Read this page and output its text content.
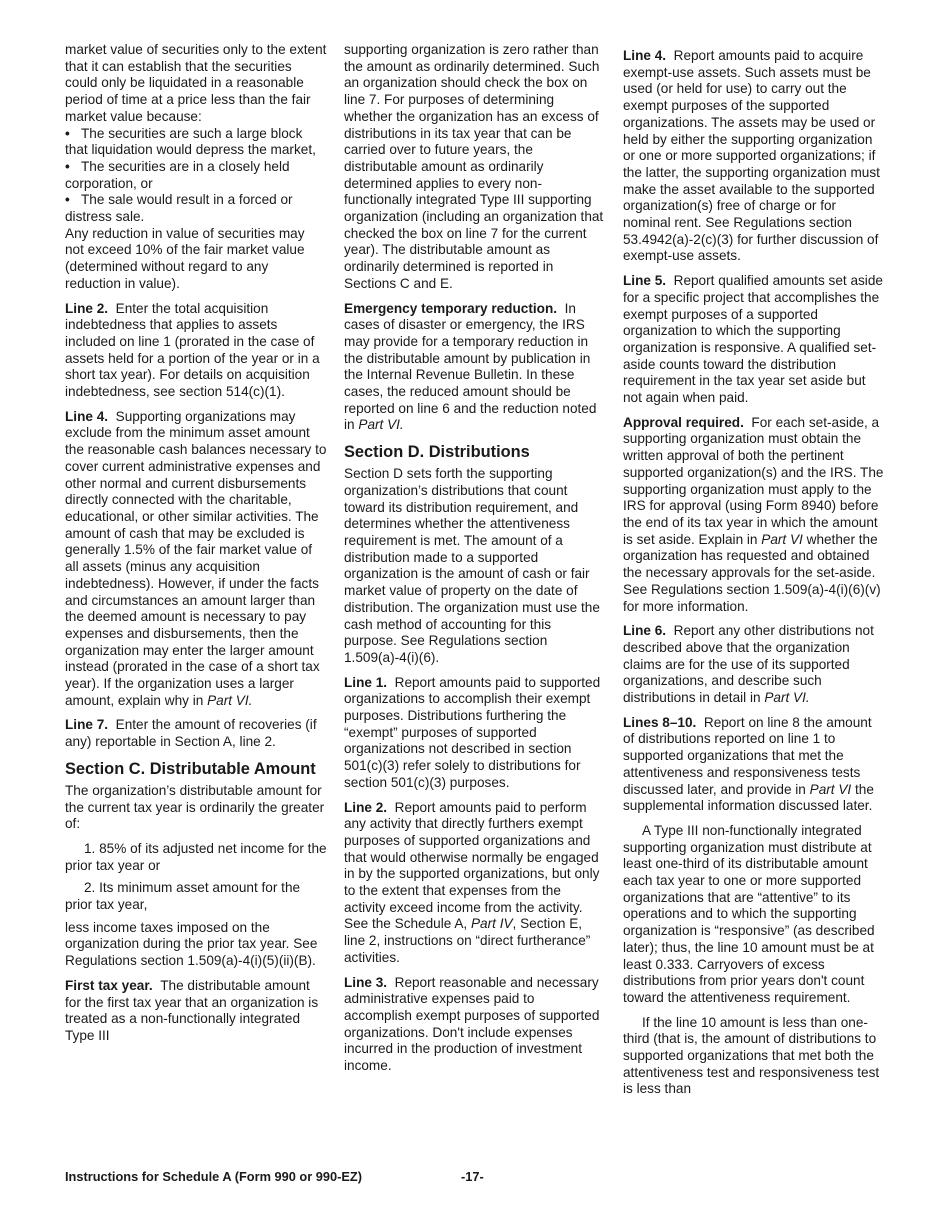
market value of securities only to the extent that it can establish that the securities could only be liquidated in a reasonable period of time at a price less than the fair market value because:

• The securities are such a large block that liquidation would depress the market,

• The securities are in a closely held corporation, or

• The sale would result in a forced or distress sale.

Any reduction in value of securities may not exceed 10% of the fair market value (determined without regard to any reduction in value).

Line 2. Enter the total acquisition indebtedness that applies to assets included on line 1 (prorated in the case of assets held for a portion of the year or in a short tax year). For details on acquisition indebtedness, see section 514(c)(1).

Line 4. Supporting organizations may exclude from the minimum asset amount the reasonable cash balances necessary to cover current administrative expenses and other normal and current disbursements directly connected with the charitable, educational, or other similar activities. The amount of cash that may be excluded is generally 1.5% of the fair market value of all assets (minus any acquisition indebtedness). However, if under the facts and circumstances an amount larger than the deemed amount is necessary to pay expenses and disbursements, then the organization may enter the larger amount instead (prorated in the case of a short tax year). If the organization uses a larger amount, explain why in Part VI.

Line 7. Enter the amount of recoveries (if any) reportable in Section A, line 2.

Section C. Distributable Amount

The organization’s distributable amount for the current tax year is ordinarily the greater of:

1. 85% of its adjusted net income for the prior tax year or

2. Its minimum asset amount for the prior tax year,

less income taxes imposed on the organization during the prior tax year. See Regulations section 1.509(a)-4(i)(5)(ii)(B).

First tax year. The distributable amount for the first tax year that an organization is treated as a non-functionally integrated Type III

supporting organization is zero rather than the amount as ordinarily determined. Such an organization should check the box on line 7. For purposes of determining whether the organization has an excess of distributions in its tax year that can be carried over to future years, the distributable amount as ordinarily determined applies to every non-functionally integrated Type III supporting organization (including an organization that checked the box on line 7 for the current year). The distributable amount as ordinarily determined is reported in Sections C and E.

Emergency temporary reduction. In cases of disaster or emergency, the IRS may provide for a temporary reduction in the distributable amount by publication in the Internal Revenue Bulletin. In these cases, the reduced amount should be reported on line 6 and the reduction noted in Part VI.

Section D. Distributions

Section D sets forth the supporting organization’s distributions that count toward its distribution requirement, and determines whether the attentiveness requirement is met. The amount of a distribution made to a supported organization is the amount of cash or fair market value of property on the date of distribution. The organization must use the cash method of accounting for this purpose. See Regulations section 1.509(a)-4(i)(6).

Line 1. Report amounts paid to supported organizations to accomplish their exempt purposes. Distributions furthering the “exempt” purposes of supported organizations not described in section 501(c)(3) refer solely to distributions for section 501(c)(3) purposes.

Line 2. Report amounts paid to perform any activity that directly furthers exempt purposes of supported organizations and that would otherwise normally be engaged in by the supported organizations, but only to the extent that expenses from the activity exceed income from the activity. See the Schedule A, Part IV, Section E, line 2, instructions on “direct furtherance” activities.

Line 3. Report reasonable and necessary administrative expenses paid to accomplish exempt purposes of supported organizations. Don't include expenses incurred in the production of investment income.

Line 4. Report amounts paid to acquire exempt-use assets. Such assets must be used (or held for use) to carry out the exempt purposes of the supported organizations. The assets may be used or held by either the supporting organization or one or more supported organizations; if the latter, the supporting organization must make the asset available to the supported organization(s) free of charge or for nominal rent. See Regulations section 53.4942(a)-2(c)(3) for further discussion of exempt-use assets.

Line 5. Report qualified amounts set aside for a specific project that accomplishes the exempt purposes of a supported organization to which the supporting organization is responsive. A qualified set-aside counts toward the distribution requirement in the tax year set aside but not again when paid.

Approval required. For each set-aside, a supporting organization must obtain the written approval of both the pertinent supported organization(s) and the IRS. The supporting organization must apply to the IRS for approval (using Form 8940) before the end of its tax year in which the amount is set aside. Explain in Part VI whether the organization has requested and obtained the necessary approvals for the set-aside. See Regulations section 1.509(a)-4(i)(6)(v) for more information.

Line 6. Report any other distributions not described above that the organization claims are for the use of its supported organizations, and describe such distributions in detail in Part VI.

Lines 8–10. Report on line 8 the amount of distributions reported on line 1 to supported organizations that met the attentiveness and responsiveness tests discussed later, and provide in Part VI the supplemental information discussed later.

A Type III non-functionally integrated supporting organization must distribute at least one-third of its distributable amount each tax year to one or more supported organizations that are “attentive” to its operations and to which the supporting organization is “responsive” (as described later); thus, the line 10 amount must be at least 0.333. Carryovers of excess distributions from prior years don't count toward the attentiveness requirement.

If the line 10 amount is less than one-third (that is, the amount of distributions to supported organizations that met both the attentiveness test and responsiveness test is less than

Instructions for Schedule A (Form 990 or 990-EZ)	-17-
